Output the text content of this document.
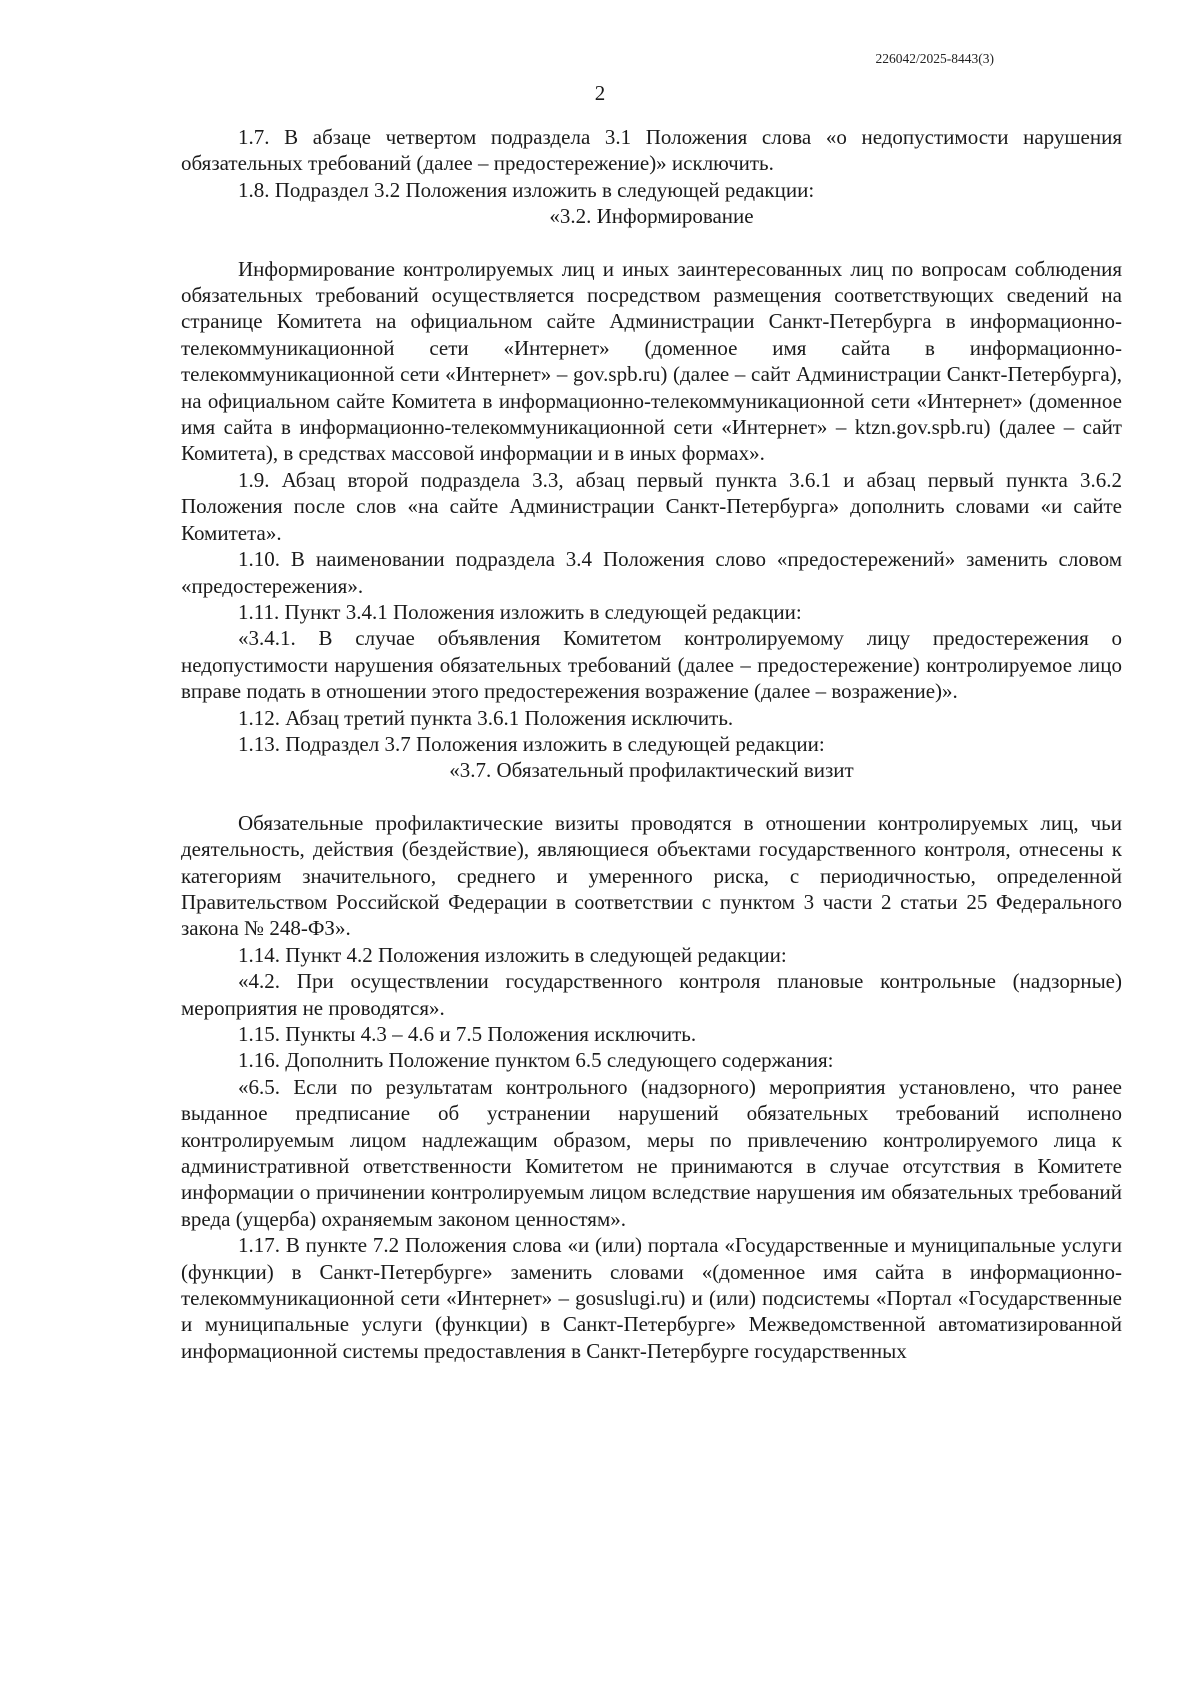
226042/2025-8443(3)
2

1.7. В абзаце четвертом подраздела 3.1 Положения слова «о недопустимости нарушения обязательных требований (далее – предостережение)» исключить.

1.8. Подраздел 3.2 Положения изложить в следующей редакции:

«3.2. Информирование

Информирование контролируемых лиц и иных заинтересованных лиц по вопросам соблюдения обязательных требований осуществляется посредством размещения соответствующих сведений на странице Комитета на официальном сайте Администрации Санкт-Петербурга в информационно-телекоммуникационной сети «Интернет» (доменное имя сайта в информационно-телекоммуникационной сети «Интернет» – gov.spb.ru) (далее – сайт Администрации Санкт-Петербурга), на официальном сайте Комитета в информационно-телекоммуникационной сети «Интернет» (доменное имя сайта в информационно-телекоммуникационной сети «Интернет» – ktzn.gov.spb.ru) (далее – сайт Комитета), в средствах массовой информации и в иных формах».

1.9. Абзац второй подраздела 3.3, абзац первый пункта 3.6.1 и абзац первый пункта 3.6.2 Положения после слов «на сайте Администрации Санкт-Петербурга» дополнить словами «и сайте Комитета».

1.10. В наименовании подраздела 3.4 Положения слово «предостережений» заменить словом «предостережения».

1.11. Пункт 3.4.1 Положения изложить в следующей редакции:

«3.4.1. В случае объявления Комитетом контролируемому лицу предостережения о недопустимости нарушения обязательных требований (далее – предостережение) контролируемое лицо вправе подать в отношении этого предостережения возражение (далее – возражение)».

1.12. Абзац третий пункта 3.6.1 Положения исключить.

1.13. Подраздел 3.7 Положения изложить в следующей редакции:

«3.7. Обязательный профилактический визит

Обязательные профилактические визиты проводятся в отношении контролируемых лиц, чьи деятельность, действия (бездействие), являющиеся объектами государственного контроля, отнесены к категориям значительного, среднего и умеренного риска, с периодичностью, определенной Правительством Российской Федерации в соответствии с пунктом 3 части 2 статьи 25 Федерального закона № 248-ФЗ».

1.14. Пункт 4.2 Положения изложить в следующей редакции:

«4.2. При осуществлении государственного контроля плановые контрольные (надзорные) мероприятия не проводятся».

1.15. Пункты 4.3 – 4.6 и 7.5 Положения исключить.

1.16. Дополнить Положение пунктом 6.5 следующего содержания:

«6.5. Если по результатам контрольного (надзорного) мероприятия установлено, что ранее выданное предписание об устранении нарушений обязательных требований исполнено контролируемым лицом надлежащим образом, меры по привлечению контролируемого лица к административной ответственности Комитетом не принимаются в случае отсутствия в Комитете информации о причинении контролируемым лицом вследствие нарушения им обязательных требований вреда (ущерба) охраняемым законом ценностям».

1.17. В пункте 7.2 Положения слова «и (или) портала «Государственные и муниципальные услуги (функции) в Санкт-Петербурге» заменить словами «(доменное имя сайта в информационно-телекоммуникационной сети «Интернет» – gosuslugi.ru) и (или) подсистемы «Портал «Государственные и муниципальные услуги (функции) в Санкт-Петербурге» Межведомственной автоматизированной информационной системы предоставления в Санкт-Петербурге государственных
